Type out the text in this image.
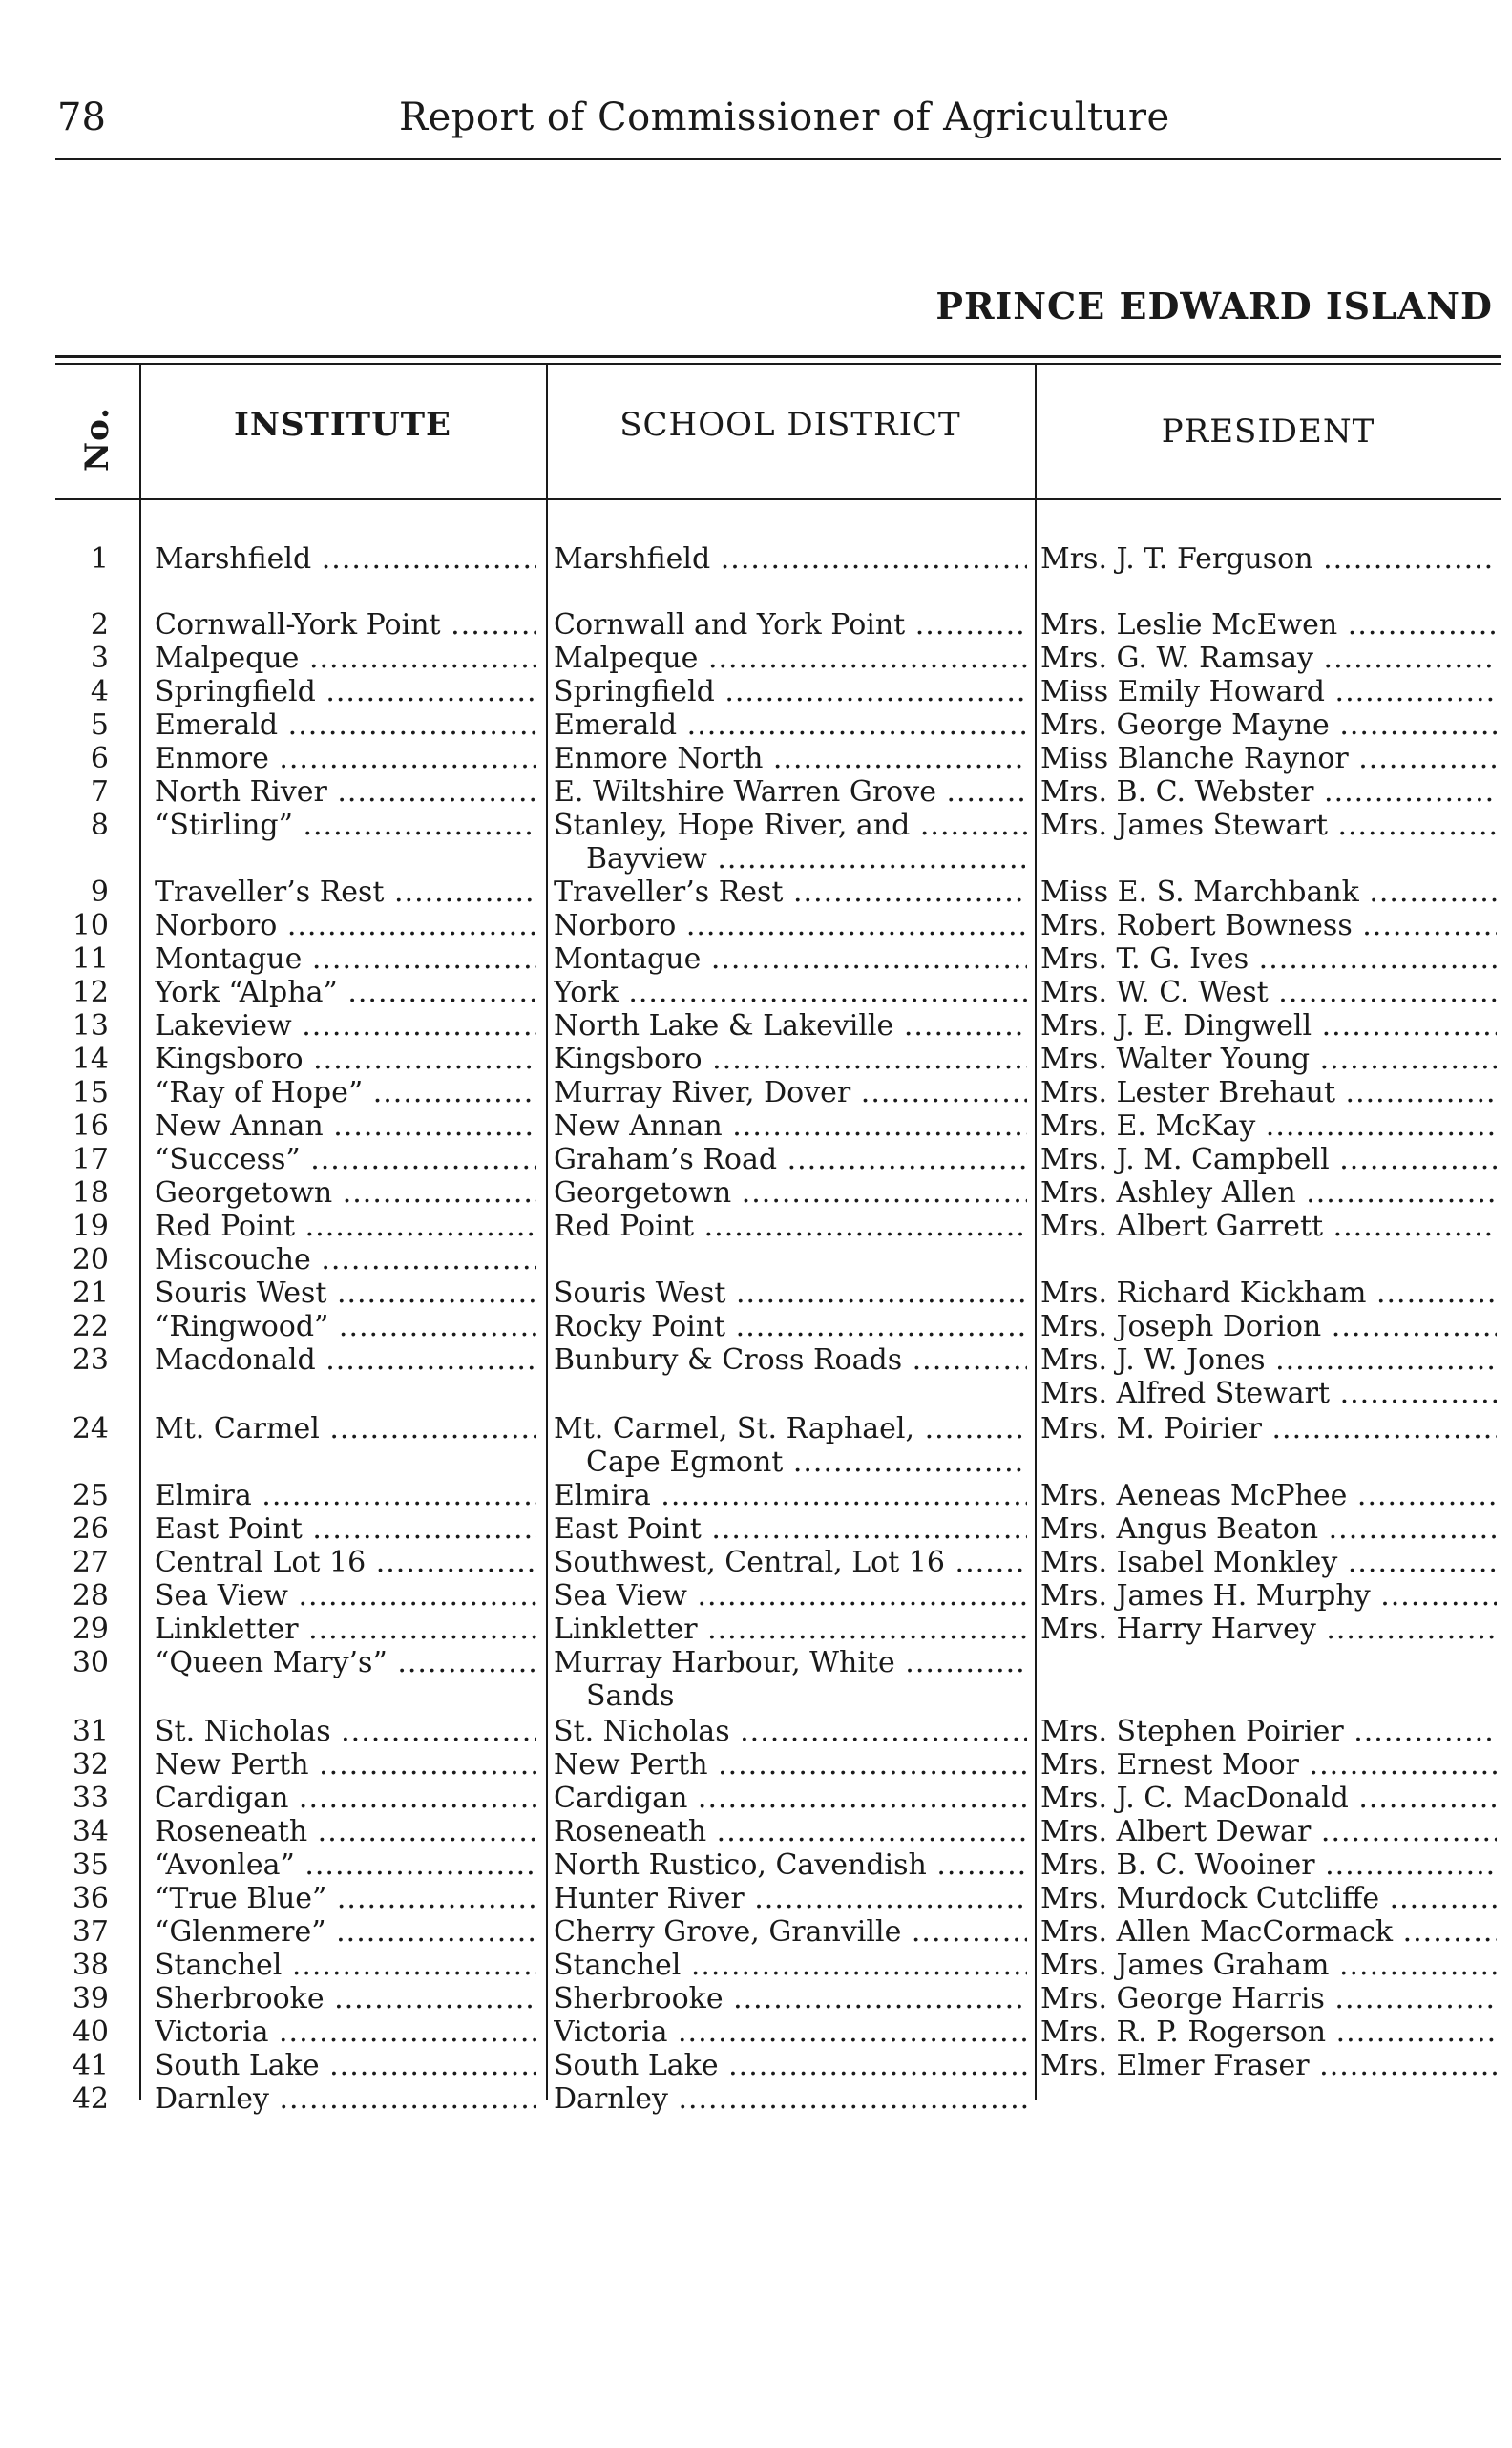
78	Report of Commissioner of Agriculture
PRINCE EDWARD ISLAND
No.	INSTITUTE	SCHOOL DISTRICT	PRESIDENT
1 Marshfield .....	Marshfield .....	Mrs. J. T. Ferguson .....
2 Cornwall-York Point .....	Cornwall and York Point .....	Mrs. Leslie McEwen .....
3 Malpeque .....	Malpeque .....	Mrs. G. W. Ramsay .....
4 Springfield .....	Springfield .....	Miss Emily Howard .....
5 Emerald .....	Emerald .....	Mrs. George Mayne .....
6 Enmore .....	Enmore North .....	Miss Blanche Raynor .....
7 North River .....	E. Wiltshire Warren Grove .....	Mrs. B. C. Webster .....
8 “Stirling” .....	Stanley, Hope River, and .....	Mrs. James Stewart .....
Bayview .....
9 Traveller’s Rest .....	Traveller’s Rest .....	Miss E. S. Marchbank .....
10 Norboro .....	Norboro .....	Mrs. Robert Bowness .....
11 Montague .....	Montague .....	Mrs. T. G. Ives .....
12 York “Alpha” .....	York .....	Mrs. W. C. West .....
13 Lakeview .....	North Lake & Lakeville .....	Mrs. J. E. Dingwell .....
14 Kingsboro .....	Kingsboro .....	Mrs. Walter Young .....
15 “Ray of Hope” .....	Murray River, Dover .....	Mrs. Lester Brehaut .....
16 New Annan .....	New Annan .....	Mrs. E. McKay .....
17 “Success” .....	Graham’s Road .....	Mrs. J. M. Campbell .....
18 Georgetown .....	Georgetown .....	Mrs. Ashley Allen .....
19 Red Point .....	Red Point .....	Mrs. Albert Garrett .....
20 Miscouche .....
21 Souris West .....	Souris West .....	Mrs. Richard Kickham .....
22 “Ringwood” .....	Rocky Point .....	Mrs. Joseph Dorion .....
23 Macdonald .....	Bunbury & Cross Roads .....	Mrs. J. W. Jones .....
Mrs. Alfred Stewart .....
24 Mt. Carmel .....	Mt. Carmel, St. Raphael, .....	Mrs. M. Poirier .....
Cape Egmont .....
25 Elmira .....	Elmira .....	Mrs. Aeneas McPhee .....
26 East Point .....	East Point .....	Mrs. Angus Beaton .....
27 Central Lot 16 .....	Southwest, Central, Lot 16 .....	Mrs. Isabel Monkley .....
28 Sea View .....	Sea View .....	Mrs. James H. Murphy .....
29 Linkletter .....	Linkletter .....	Mrs. Harry Harvey .....
30 “Queen Mary’s” .....	Murray Harbour, White .....
Sands
31 St. Nicholas .....	St. Nicholas .....	Mrs. Stephen Poirier .....
32 New Perth .....	New Perth .....	Mrs. Ernest Moor .....
33 Cardigan .....	Cardigan .....	Mrs. J. C. MacDonald .....
34 Roseneath .....	Roseneath .....	Mrs. Albert Dewar .....
35 “Avonlea” .....	North Rustico, Cavendish .....	Mrs. B. C. Wooiner .....
36 “True Blue” .....	Hunter River .....	Mrs. Murdock Cutcliffe .....
37 “Glenmere” .....	Cherry Grove, Granville .....	Mrs. Allen MacCormack .....
38 Stanchel .....	Stanchel .....	Mrs. James Graham .....
39 Sherbrooke .....	Sherbrooke .....	Mrs. George Harris .....
40 Victoria .....	Victoria .....	Mrs. R. P. Rogerson .....
41 South Lake .....	South Lake .....	Mrs. Elmer Fraser .....
42 Darnley .....	Darnley .....
